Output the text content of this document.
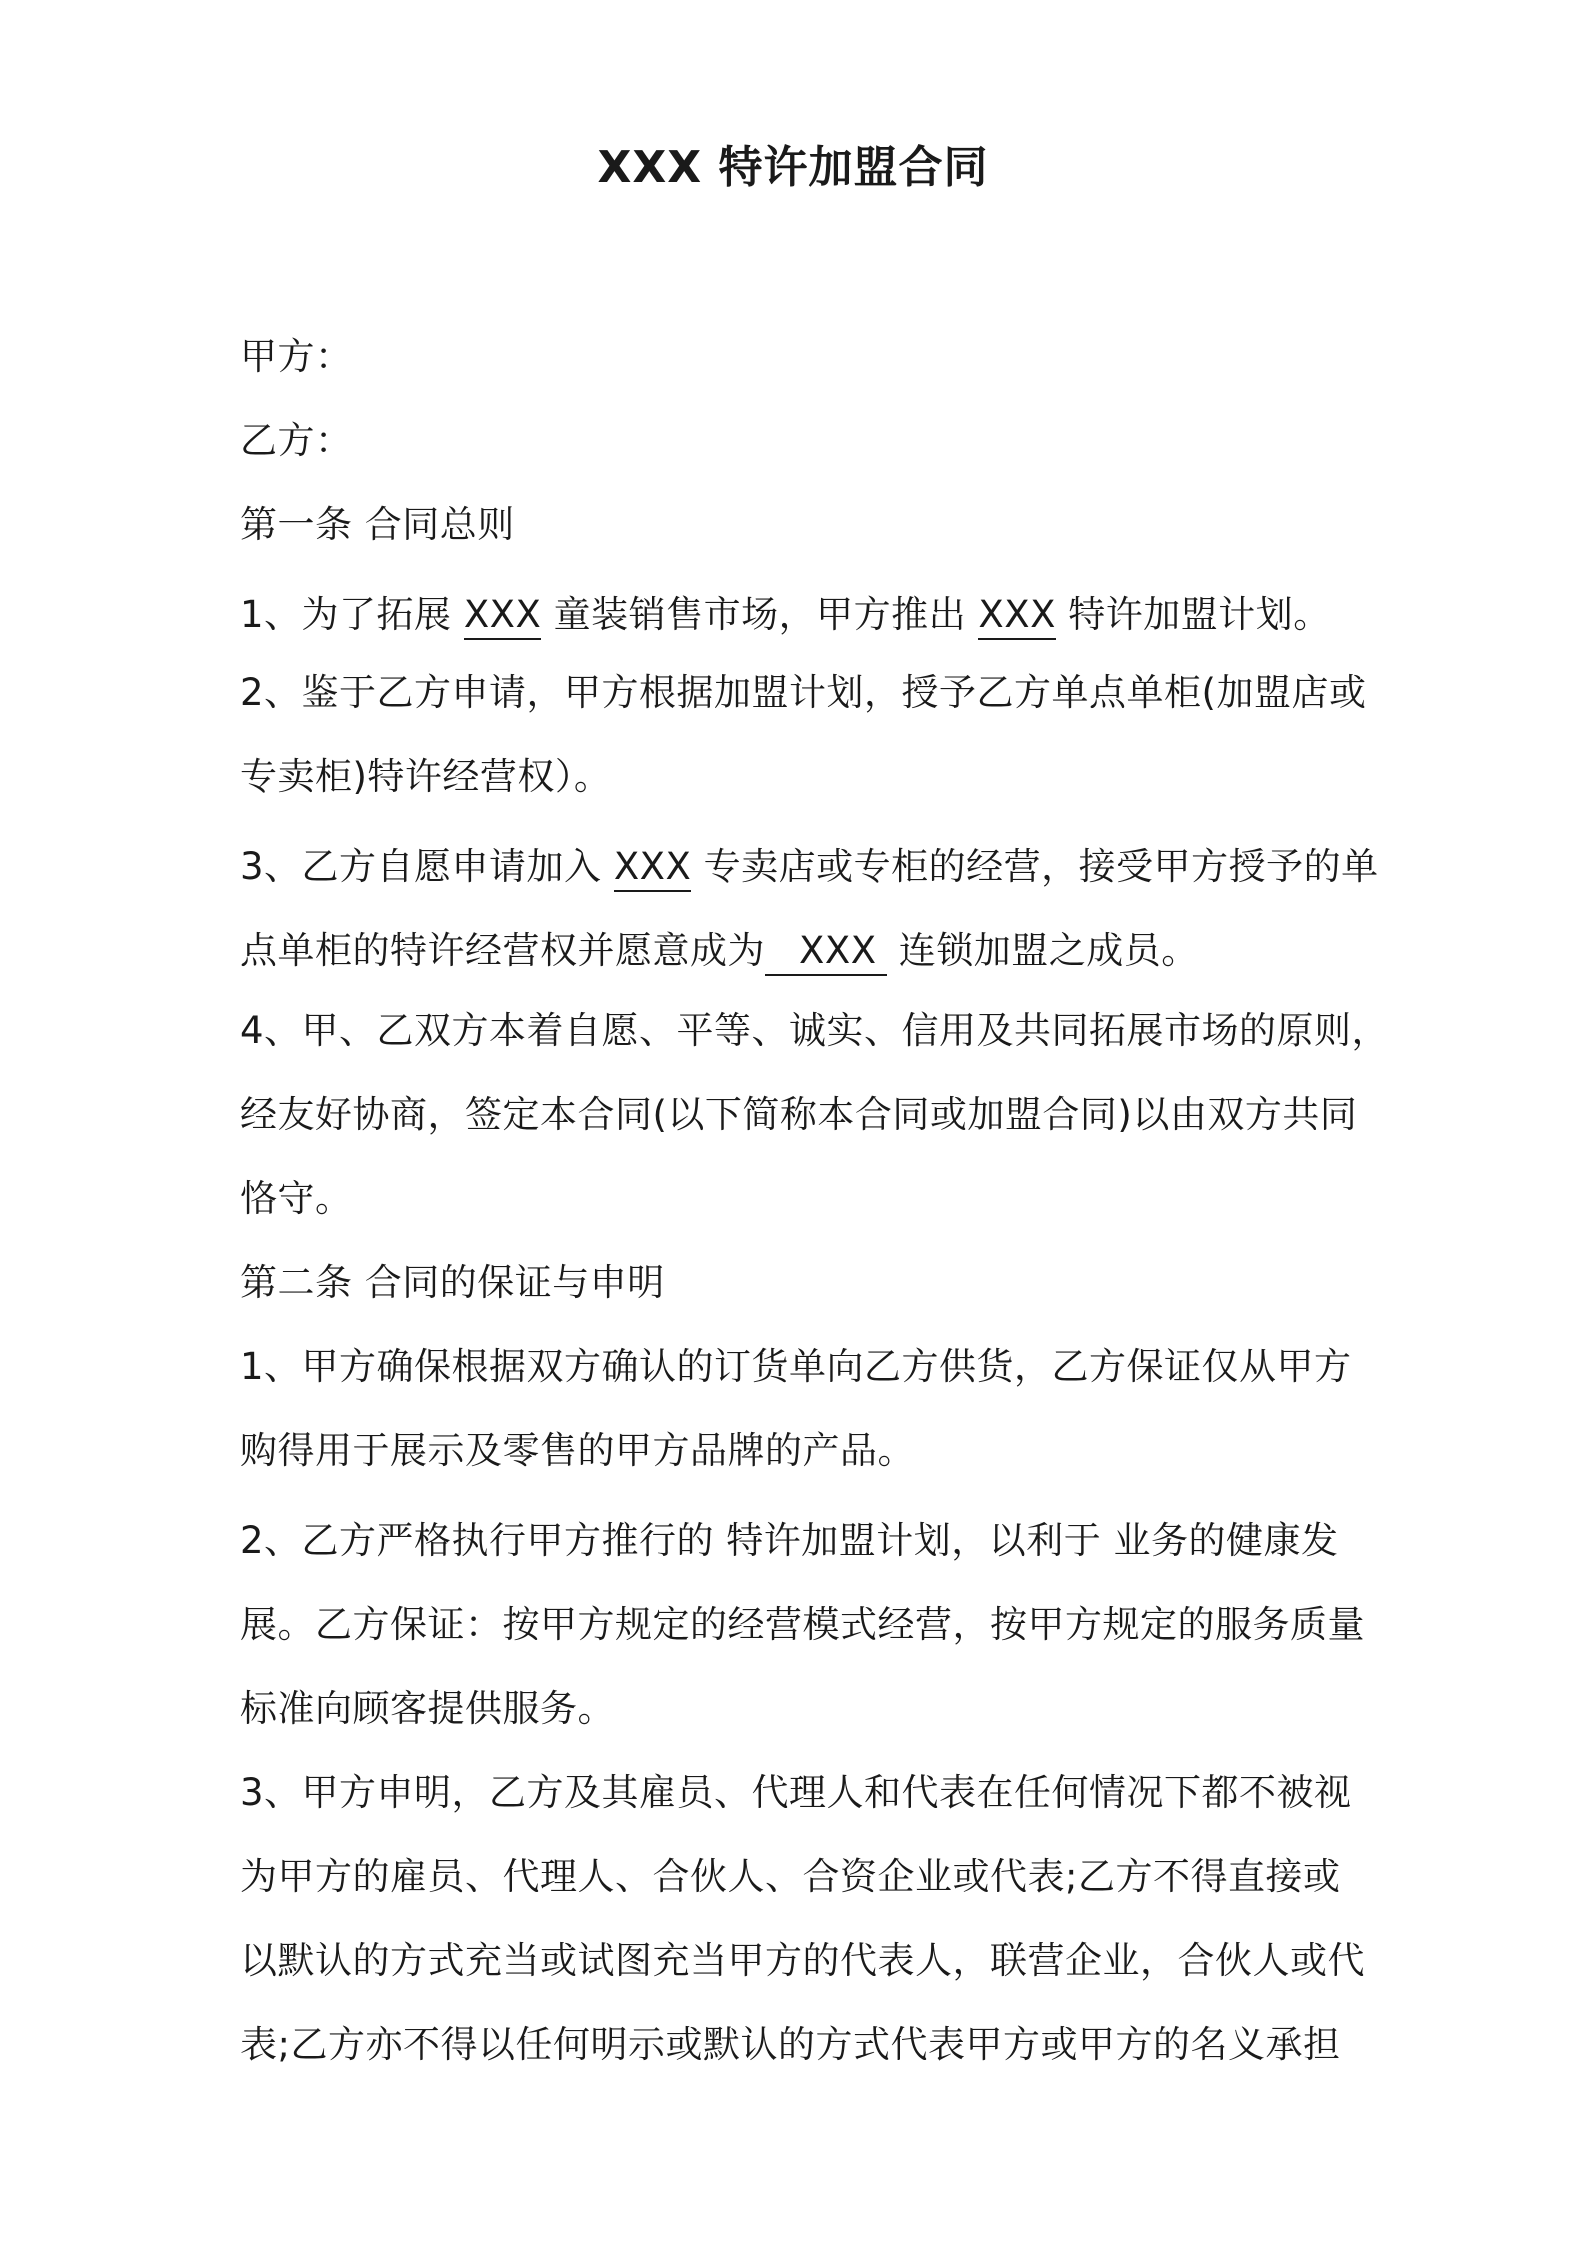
XXX 特许加盟合同
甲方：
乙方：
第一条 合同总则
1、为了拓展 XXX 童装销售市场，甲方推出 XXX 特许加盟计划。
2、鉴于乙方申请，甲方根据加盟计划，授予乙方单点单柜(加盟店或
专卖柜)特许经营权）。
3、乙方自愿申请加入 XXX 专卖店或专柜的经营，接受甲方授予的单
点单柜的特许经营权并愿意成为 XXX 连锁加盟之成员。
4、甲、乙双方本着自愿、平等、诚实、信用及共同拓展市场的原则，
经友好协商，签定本合同(以下简称本合同或加盟合同)以由双方共同
恪守。
第二条 合同的保证与申明
1、甲方确保根据双方确认的订货单向乙方供货，乙方保证仅从甲方
购得用于展示及零售的甲方品牌的产品。
2、乙方严格执行甲方推行的 特许加盟计划，以利于 业务的健康发
展。乙方保证：按甲方规定的经营模式经营，按甲方规定的服务质量
标准向顾客提供服务。
3、甲方申明，乙方及其雇员、代理人和代表在任何情况下都不被视
为甲方的雇员、代理人、合伙人、合资企业或代表;乙方不得直接或
以默认的方式充当或试图充当甲方的代表人，联营企业，合伙人或代
表;乙方亦不得以任何明示或默认的方式代表甲方或甲方的名义承担
